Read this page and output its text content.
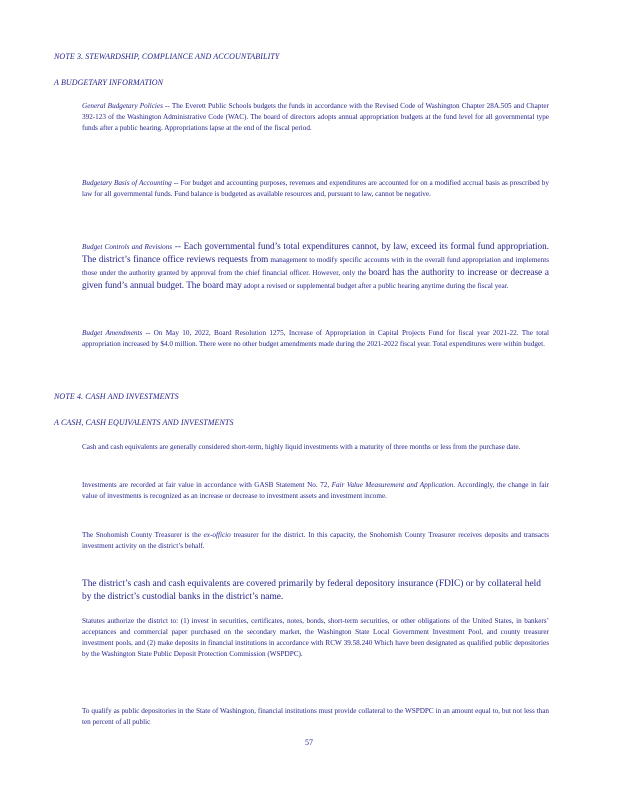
NOTE 3. STEWARDSHIP, COMPLIANCE AND ACCOUNTABILITY
A BUDGETARY INFORMATION
General Budgetary Policies -- The Everett Public Schools budgets the funds in accordance with the Revised Code of Washington Chapter 28A.505 and Chapter 392-123 of the Washington Administrative Code (WAC). The board of directors adopts annual appropriation budgets at the fund level for all governmental type funds after a public hearing. Appropriations lapse at the end of the fiscal period.
Budgetary Basis of Accounting -- For budget and accounting purposes, revenues and expenditures are accounted for on a modified accrual basis as prescribed by law for all governmental funds. Fund balance is budgeted as available resources and, pursuant to law, cannot be negative.
Budget Controls and Revisions -- Each governmental fund’s total expenditures cannot, by law, exceed its formal fund appropriation. The district’s finance office reviews requests from management to modify specific accounts with in the overall fund appropriation and implements those under the authority granted by approval from the chief financial officer. However, only the board has the authority to increase or decrease a given fund’s annual budget. The board may adopt a revised or supplemental budget after a public hearing anytime during the fiscal year.
Budget Amendments -- On May 10, 2022, Board Resolution 1275, Increase of Appropriation in Capital Projects Fund for fiscal year 2021-22. The total appropriation increased by $4.0 million. There were no other budget amendments made during the 2021-2022 fiscal year. Total expenditures were within budget.
NOTE 4. CASH AND INVESTMENTS
A CASH, CASH EQUIVALENTS AND INVESTMENTS
Cash and cash equivalents are generally considered short-term, highly liquid investments with a maturity of three months or less from the purchase date.
Investments are recorded at fair value in accordance with GASB Statement No. 72, Fair Value Measurement and Application. Accordingly, the change in fair value of investments is recognized as an increase or decrease to investment assets and investment income.
The Snohomish County Treasurer is the ex-officio treasurer for the district. In this capacity, the Snohomish County Treasurer receives deposits and transacts investment activity on the district’s behalf.
The district’s cash and cash equivalents are covered primarily by federal depository insurance (FDIC) or by collateral held by the district’s custodial banks in the district’s name.
Statutes authorize the district to: (1) invest in securities, certificates, notes, bonds, short-term securities, or other obligations of the United States, in bankers’ acceptances and commercial paper purchased on the secondary market, the Washington State Local Government Investment Pool, and county treasurer investment pools, and (2) make deposits in financial institutions in accordance with RCW 39.58.240 Which have been designated as qualified public depositories by the Washington State Public Deposit Protection Commission (WSPDPC).
To qualify as public depositories in the State of Washington, financial institutions must provide collateral to the WSPDPC in an amount equal to, but not less than ten percent of all public
57
